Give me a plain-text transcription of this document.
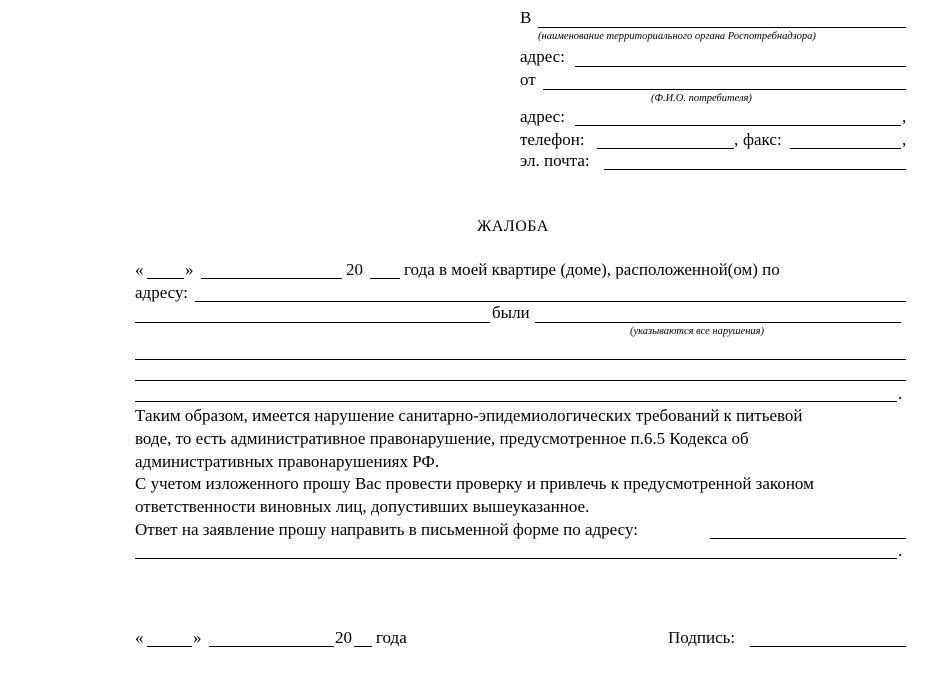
В
(наименование территориального органа Роспотребнадзора)
адрес:
от
(Ф.И.О. потребителя)
адрес:	,
телефон:	, факс:	,
эл. почта:
ЖАЛОБА
« »	20 года в моей квартире (доме), расположенной(ом) по
адресу:
были
(указываются все нарушения)
.
Таким образом, имеется нарушение санитарно-эпидемиологических требований к питьевой
воде, то есть административное правонарушение, предусмотренное п.6.5 Кодекса об
административных правонарушениях РФ.
С учетом изложенного прошу Вас провести проверку и привлечь к предусмотренной законом
ответственности виновных лиц, допустивших вышеуказанное.
Ответ на заявление прошу направить в письменной форме по адресу:
.
«	»	20 года	Подпись:
